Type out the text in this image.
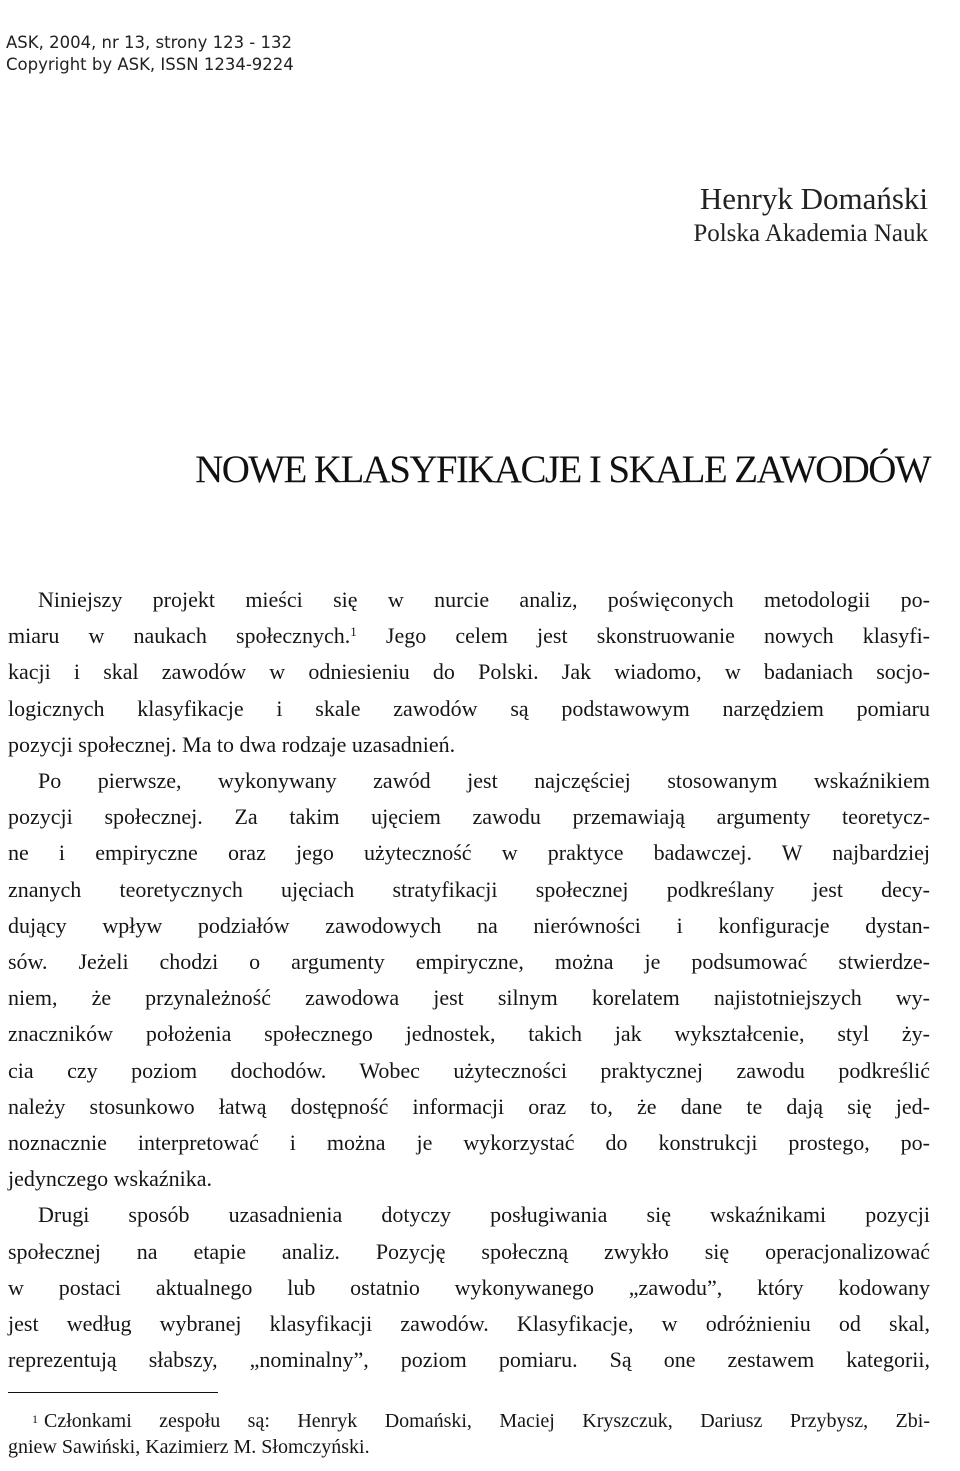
ASK, 2004, nr 13, strony 123 - 132
Copyright by ASK, ISSN 1234-9224
Henryk Domański
Polska Akademia Nauk
NOWE KLASYFIKACJE I SKALE ZAWODÓW
Niniejszy projekt mieści się w nurcie analiz, poświęconych metodologii po-
miaru w naukach społecznych.$^1$ Jego celem jest skonstruowanie nowych klasyfi-
kacji i skal zawodów w odniesieniu do Polski. Jak wiadomo, w badaniach socjo-
logicznych klasyfikacje i skale zawodów są podstawowym narzędziem pomiaru
pozycji społecznej. Ma to dwa rodzaje uzasadnień.
Po pierwsze, wykonywany zawód jest najczęściej stosowanym wskaźnikiem
pozycji społecznej. Za takim ujęciem zawodu przemawiają argumenty teoretycz-
ne i empiryczne oraz jego użyteczność w praktyce badawczej. W najbardziej
znanych teoretycznych ujęciach stratyfikacji społecznej podkreślany jest decy-
dujący wpływ podziałów zawodowych na nierówności i konfiguracje dystan-
sów. Jeżeli chodzi o argumenty empiryczne, można je podsumować stwierdze-
niem, że przynależność zawodowa jest silnym korelatem najistotniejszych wy-
znaczników położenia społecznego jednostek, takich jak wykształcenie, styl ży-
cia czy poziom dochodów. Wobec użyteczności praktycznej zawodu podkreślić
należy stosunkowo łatwą dostępność informacji oraz to, że dane te dają się jed-
noznacznie interpretować i można je wykorzystać do konstrukcji prostego, po-
jedynczego wskaźnika.
Drugi sposób uzasadnienia dotyczy posługiwania się wskaźnikami pozycji
społecznej na etapie analiz. Pozycję społeczną zwykło się operacjonalizować
w postaci aktualnego lub ostatnio wykonywanego „zawodu”, który kodowany
jest według wybranej klasyfikacji zawodów. Klasyfikacje, w odróżnieniu od skal,
reprezentują słabszy, „nominalny”, poziom pomiaru. Są one zestawem kategorii,
$^1$ Członkami zespołu są: Henryk Domański, Maciej Kryszczuk, Dariusz Przybysz, Zbi-
gniew Sawiński, Kazimierz M. Słomczyński.
